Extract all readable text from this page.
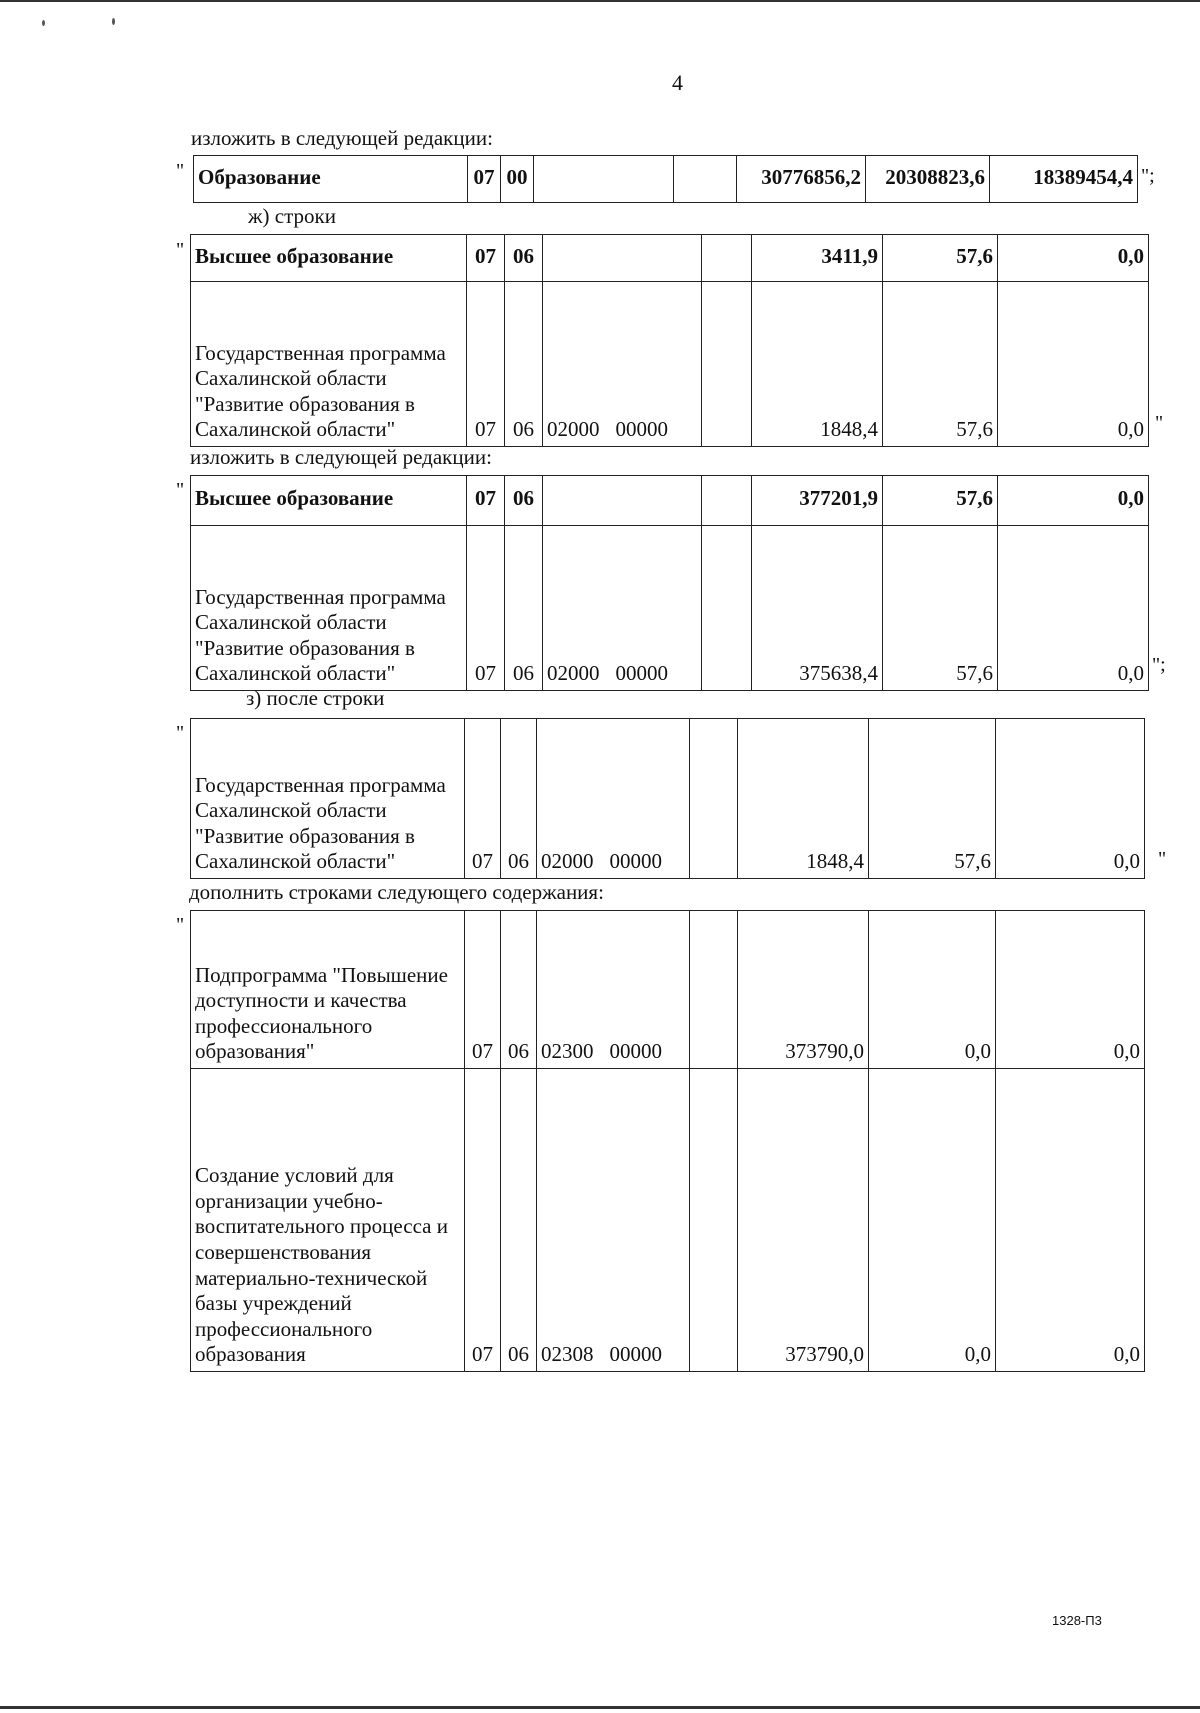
4
изложить в следующей редакции:
" Образование	07	00			30776856,2	20308823,6	18389454,4 ";
ж) строки
" Высшее образование	07	06			3411,9	57,6	0,0
Государственная программа Сахалинской области "Развитие образования в Сахалинской области"	07	06	02000 00000		1848,4	57,6	0,0 "
изложить в следующей редакции:
" Высшее образование	07	06			377201,9	57,6	0,0
Государственная программа Сахалинской области "Развитие образования в Сахалинской области"	07	06	02000 00000		375638,4	57,6	0,0 ";
з) после строки
"
Государственная программа Сахалинской области "Развитие образования в Сахалинской области"	07	06	02000 00000		1848,4	57,6	0,0 "
дополнить строками следующего содержания:
"
Подпрограмма "Повышение доступности и качества профессионального образования"	07	06	02300 00000		373790,0	0,0	0,0
Создание условий для организации учебно-воспитательного процесса и совершенствования материально-технической базы учреждений профессионального образования	07	06	02308 00000		373790,0	0,0	0,0
1328-П3
